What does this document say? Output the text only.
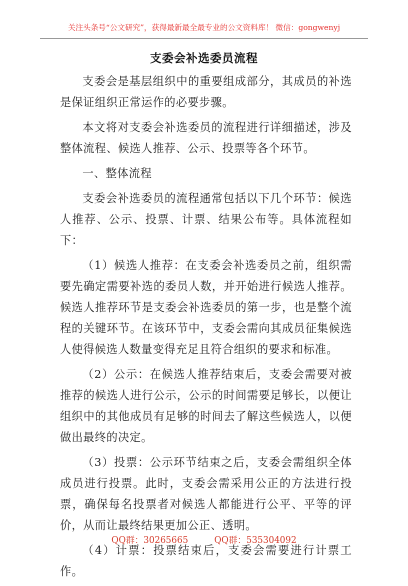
关注头条号“公文研究”，获得最新最全最专业的公文资料库！ 微信：gongwenyj
支委会补选委员流程

支委会是基层组织中的重要组成部分，其成员的补选是保证组织正常运作的必要步骤。

本文将对支委会补选委员的流程进行详细描述，涉及整体流程、候选人推荐、公示、投票等各个环节。

一、整体流程

支委会补选委员的流程通常包括以下几个环节：候选人推荐、公示、投票、计票、结果公布等。具体流程如下：

（1）候选人推荐：在支委会补选委员之前，组织需要先确定需要补选的委员人数，并开始进行候选人推荐。候选人推荐环节是支委会补选委员的第一步，也是整个流程的关键环节。在该环节中，支委会需向其成员征集候选人使得候选人数量变得充足且符合组织的要求和标准。

（2）公示：在候选人推荐结束后，支委会需要对被推荐的候选人进行公示，公示的时间需要足够长，以便让组织中的其他成员有足够的时间去了解这些候选人，以便做出最终的决定。

（3）投票：公示环节结束之后，支委会需组织全体成员进行投票。此时，支委会需采用公正的方法进行投票，确保每名投票者对候选人都能进行公平、平等的评价，从而让最终结果更加公正、透明。

（4）计票：投票结束后，支委会需要进行计票工作。

QQ群：30265665	QQ群：535304092
